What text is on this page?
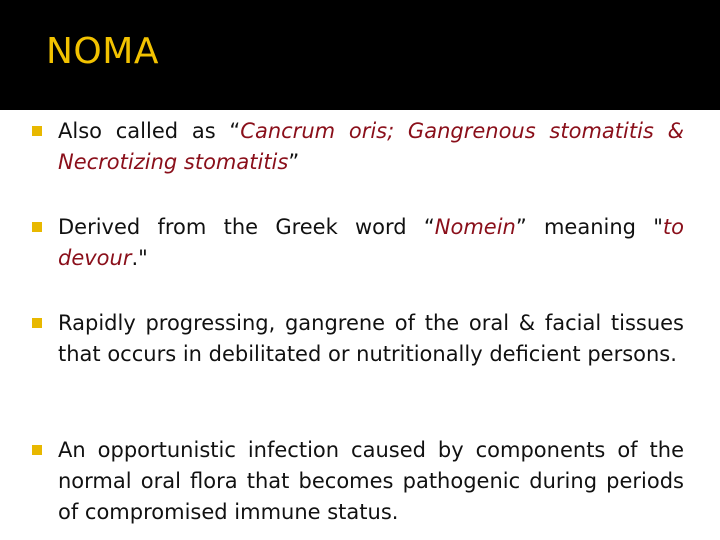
NOMA

Also called as “Cancrum oris; Gangrenous stomatitis & Necrotizing stomatitis”

Derived from the Greek word “Nomein” meaning "to devour."

Rapidly progressing, gangrene of the oral & facial tissues that occurs in debilitated or nutritionally deficient persons.

An opportunistic infection caused by components of the normal oral flora that becomes pathogenic during periods of compromised immune status.
